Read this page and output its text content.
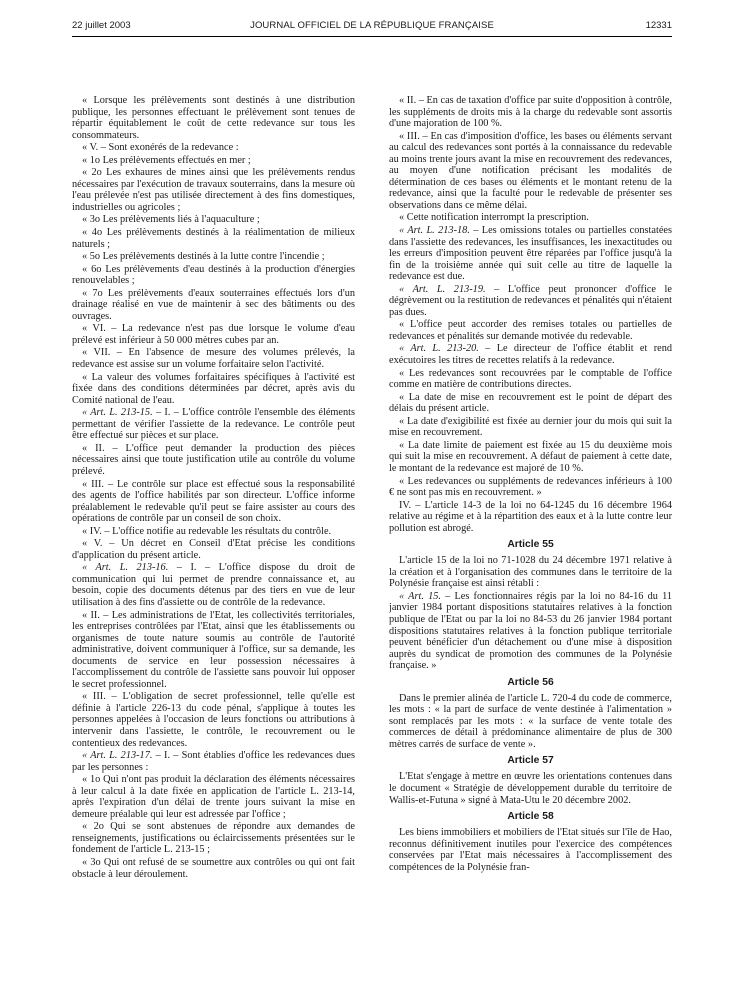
22 juillet 2003	JOURNAL OFFICIEL DE LA RÉPUBLIQUE FRANÇAISE	12331

« Lorsque les prélèvements sont destinés à une distribution publique, les personnes effectuant le prélèvement sont tenues de répartir équitablement le coût de cette redevance sur tous les consommateurs.

« V. – Sont exonérés de la redevance :

« 1o Les prélèvements effectués en mer ;

« 2o Les exhaures de mines ainsi que les prélèvements rendus nécessaires par l'exécution de travaux souterrains, dans la mesure où l'eau prélevée n'est pas utilisée directement à des fins domestiques, industrielles ou agricoles ;

« 3o Les prélèvements liés à l'aquaculture ;

« 4o Les prélèvements destinés à la réalimentation de milieux naturels ;

« 5o Les prélèvements destinés à la lutte contre l'incendie ;

« 6o Les prélèvements d'eau destinés à la production d'énergies renouvelables ;

« 7o Les prélèvements d'eaux souterraines effectués lors d'un drainage réalisé en vue de maintenir à sec des bâtiments ou des ouvrages.

« VI. – La redevance n'est pas due lorsque le volume d'eau prélevé est inférieur à 50 000 mètres cubes par an.

« VII. – En l'absence de mesure des volumes prélevés, la redevance est assise sur un volume forfaitaire selon l'activité.

« La valeur des volumes forfaitaires spécifiques à l'activité est fixée dans des conditions déterminées par décret, après avis du Comité national de l'eau.

« Art. L. 213-15. – I. – L'office contrôle l'ensemble des éléments permettant de vérifier l'assiette de la redevance. Le contrôle peut être effectué sur pièces et sur place.

« II. – L'office peut demander la production des pièces nécessaires ainsi que toute justification utile au contrôle du volume prélevé.

« III. – Le contrôle sur place est effectué sous la responsabilité des agents de l'office habilités par son directeur. L'office informe préalablement le redevable qu'il peut se faire assister au cours des opérations de contrôle par un conseil de son choix.

« IV. – L'office notifie au redevable les résultats du contrôle.

« V. – Un décret en Conseil d'Etat précise les conditions d'application du présent article.

« Art. L. 213-16. – I. – L'office dispose du droit de communication qui lui permet de prendre connaissance et, au besoin, copie des documents détenus par des tiers en vue de leur utilisation à des fins d'assiette ou de contrôle de la redevance.

« II. – Les administrations de l'Etat, les collectivités territoriales, les entreprises contrôlées par l'Etat, ainsi que les établissements ou organismes de toute nature soumis au contrôle de l'autorité administrative, doivent communiquer à l'office, sur sa demande, les documents de service en leur possession nécessaires à l'accomplissement du contrôle de l'assiette sans pouvoir lui opposer le secret professionnel.

« III. – L'obligation de secret professionnel, telle qu'elle est définie à l'article 226-13 du code pénal, s'applique à toutes les personnes appelées à l'occasion de leurs fonctions ou attributions à intervenir dans l'assiette, le contrôle, le recouvrement ou le contentieux des redevances.

« Art. L. 213-17. – I. – Sont établies d'office les redevances dues par les personnes :

« 1o Qui n'ont pas produit la déclaration des éléments nécessaires à leur calcul à la date fixée en application de l'article L. 213-14, après l'expiration d'un délai de trente jours suivant la mise en demeure préalable qui leur est adressée par l'office ;

« 2o Qui se sont abstenues de répondre aux demandes de renseignements, justifications ou éclaircissements présentées sur le fondement de l'article L. 213-15 ;

« 3o Qui ont refusé de se soumettre aux contrôles ou qui ont fait obstacle à leur déroulement.

« II. – En cas de taxation d'office par suite d'opposition à contrôle, les suppléments de droits mis à la charge du redevable sont assortis d'une majoration de 100 %.

« III. – En cas d'imposition d'office, les bases ou éléments servant au calcul des redevances sont portés à la connaissance du redevable au moins trente jours avant la mise en recouvrement des redevances, au moyen d'une notification précisant les modalités de détermination de ces bases ou éléments et le montant retenu de la redevance, ainsi que la faculté pour le redevable de présenter ses observations dans ce même délai.

« Cette notification interrompt la prescription.

« Art. L. 213-18. – Les omissions totales ou partielles constatées dans l'assiette des redevances, les insuffisances, les inexactitudes ou les erreurs d'imposition peuvent être réparées par l'office jusqu'à la fin de la troisième année qui suit celle au titre de laquelle la redevance est due.

« Art. L. 213-19. – L'office peut prononcer d'office le dégrèvement ou la restitution de redevances et pénalités qui n'étaient pas dues.

« L'office peut accorder des remises totales ou partielles de redevances et pénalités sur demande motivée du redevable.

« Art. L. 213-20. – Le directeur de l'office établit et rend exécutoires les titres de recettes relatifs à la redevance.

« Les redevances sont recouvrées par le comptable de l'office comme en matière de contributions directes.

« La date de mise en recouvrement est le point de départ des délais du présent article.

« La date d'exigibilité est fixée au dernier jour du mois qui suit la mise en recouvrement.

« La date limite de paiement est fixée au 15 du deuxième mois qui suit la mise en recouvrement. A défaut de paiement à cette date, le montant de la redevance est majoré de 10 %.

« Les redevances ou suppléments de redevances inférieurs à 100 € ne sont pas mis en recouvrement. »

IV. – L'article 14-3 de la loi no 64-1245 du 16 décembre 1964 relative au régime et à la répartition des eaux et à la lutte contre leur pollution est abrogé.

Article 55

L'article 15 de la loi no 71-1028 du 24 décembre 1971 relative à la création et à l'organisation des communes dans le territoire de la Polynésie française est ainsi rétabli :

« Art. 15. – Les fonctionnaires régis par la loi no 84-16 du 11 janvier 1984 portant dispositions statutaires relatives à la fonction publique de l'Etat ou par la loi no 84-53 du 26 janvier 1984 portant dispositions statutaires relatives à la fonction publique territoriale peuvent bénéficier d'un détachement ou d'une mise à disposition auprès du syndicat de promotion des communes de la Polynésie française. »

Article 56

Dans le premier alinéa de l'article L. 720-4 du code de commerce, les mots : « la part de surface de vente destinée à l'alimentation » sont remplacés par les mots : « la surface de vente totale des commerces de détail à prédominance alimentaire de plus de 300 mètres carrés de surface de vente ».

Article 57

L'Etat s'engage à mettre en œuvre les orientations contenues dans le document « Stratégie de développement durable du territoire de Wallis-et-Futuna » signé à Mata-Utu le 20 décembre 2002.

Article 58

Les biens immobiliers et mobiliers de l'Etat situés sur l'île de Hao, reconnus définitivement inutiles pour l'exercice des compétences conservées par l'Etat mais nécessaires à l'accomplissement des compétences de la Polynésie fran-
